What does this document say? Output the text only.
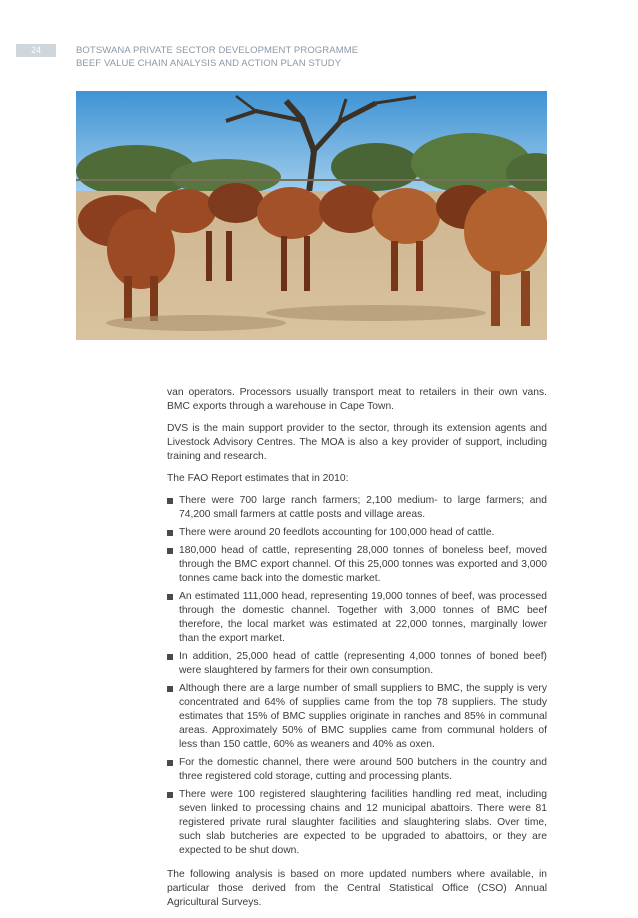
24	BOTSWANA PRIVATE SECTOR DEVELOPMENT PROGRAMME
BEEF VALUE CHAIN ANALYSIS AND ACTION PLAN STUDY

van operators. Processors usually transport meat to retailers in their own vans. BMC exports through a warehouse in Cape Town.

DVS is the main support provider to the sector, through its extension agents and Livestock Advisory Centres. The MOA is also a key provider of support, including training and research.

The FAO Report estimates that in 2010:

There were 700 large ranch farmers; 2,100 medium- to large farmers; and 74,200 small farmers at cattle posts and village areas.
There were around 20 feedlots accounting for 100,000 head of cattle.
180,000 head of cattle, representing 28,000 tonnes of boneless beef, moved through the BMC export channel. Of this 25,000 tonnes was exported and 3,000 tonnes came back into the domestic market.
An estimated 111,000 head, representing 19,000 tonnes of beef, was processed through the domestic channel. Together with 3,000 tonnes of BMC beef therefore, the local market was estimated at 22,000 tonnes, marginally lower than the export market.
In addition, 25,000 head of cattle (representing 4,000 tonnes of boned beef) were slaughtered by farmers for their own consumption.
Although there are a large number of small suppliers to BMC, the supply is very concentrated and 64% of supplies came from the top 78 suppliers. The study estimates that 15% of BMC supplies originate in ranches and 85% in communal areas. Approximately 50% of BMC supplies came from communal holders of less than 150 cattle, 60% as weaners and 40% as oxen.
For the domestic channel, there were around 500 butchers in the country and three registered cold storage, cutting and processing plants.
There were 100 registered slaughtering facilities handling red meat, including seven linked to processing chains and 12 municipal abattoirs. There were 81 registered private rural slaughter facilities and slaughtering slabs. Over time, such slab butcheries are expected to be upgraded to abattoirs, or they are expected to be shut down.

The following analysis is based on more updated numbers where available, in particular those derived from the Central Statistical Office (CSO) Annual Agricultural Surveys.
